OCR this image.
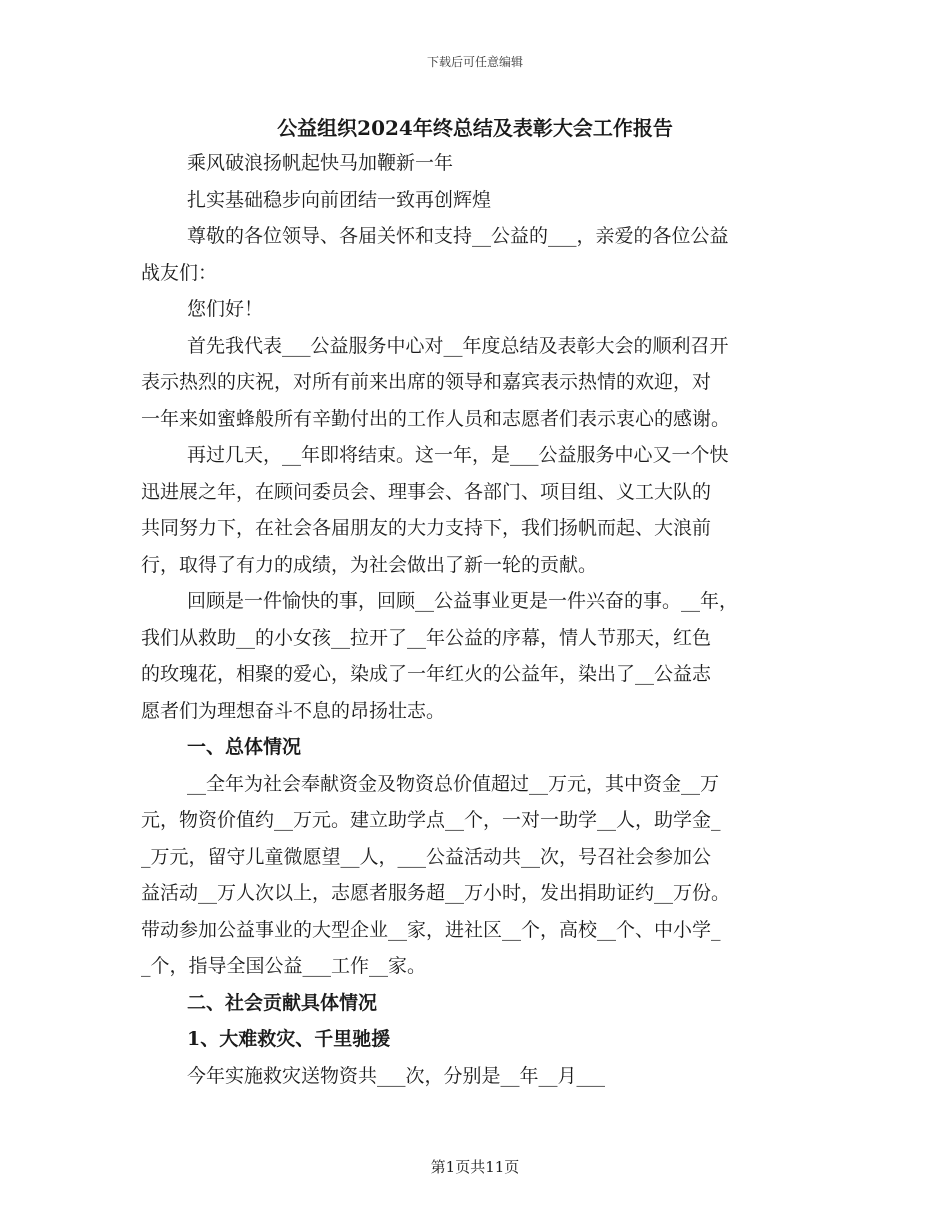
下载后可任意编辑
公益组织2024年终总结及表彰大会工作报告
乘风破浪扬帆起快马加鞭新一年
扎实基础稳步向前团结一致再创辉煌
尊敬的各位领导、各届关怀和支持__公益的___，亲爱的各位公益
战友们：
您们好！
首先我代表___公益服务中心对__年度总结及表彰大会的顺利召开
表示热烈的庆祝，对所有前来出席的领导和嘉宾表示热情的欢迎，对
一年来如蜜蜂般所有辛勤付出的工作人员和志愿者们表示衷心的感谢。
再过几天，__年即将结束。这一年，是___公益服务中心又一个快
迅进展之年，在顾问委员会、理事会、各部门、项目组、义工大队的
共同努力下，在社会各届朋友的大力支持下，我们扬帆而起、大浪前
行，取得了有力的成绩，为社会做出了新一轮的贡献。
回顾是一件愉快的事，回顾__公益事业更是一件兴奋的事。__年，
我们从救助__的小女孩__拉开了__年公益的序幕，情人节那天，红色
的玫瑰花，相聚的爱心，染成了一年红火的公益年，染出了__公益志
愿者们为理想奋斗不息的昂扬壮志。
一、总体情况
__全年为社会奉献资金及物资总价值超过__万元，其中资金__万
元，物资价值约__万元。建立助学点__个，一对一助学__人，助学金_
_万元，留守儿童微愿望__人，___公益活动共__次，号召社会参加公
益活动__万人次以上，志愿者服务超__万小时，发出捐助证约__万份。
带动参加公益事业的大型企业__家，进社区__个，高校__个、中小学_
_个，指导全国公益___工作__家。
二、社会贡献具体情况
1、大难救灾、千里驰援
今年实施救灾送物资共___次，分别是__年__月___
第1页共11页
